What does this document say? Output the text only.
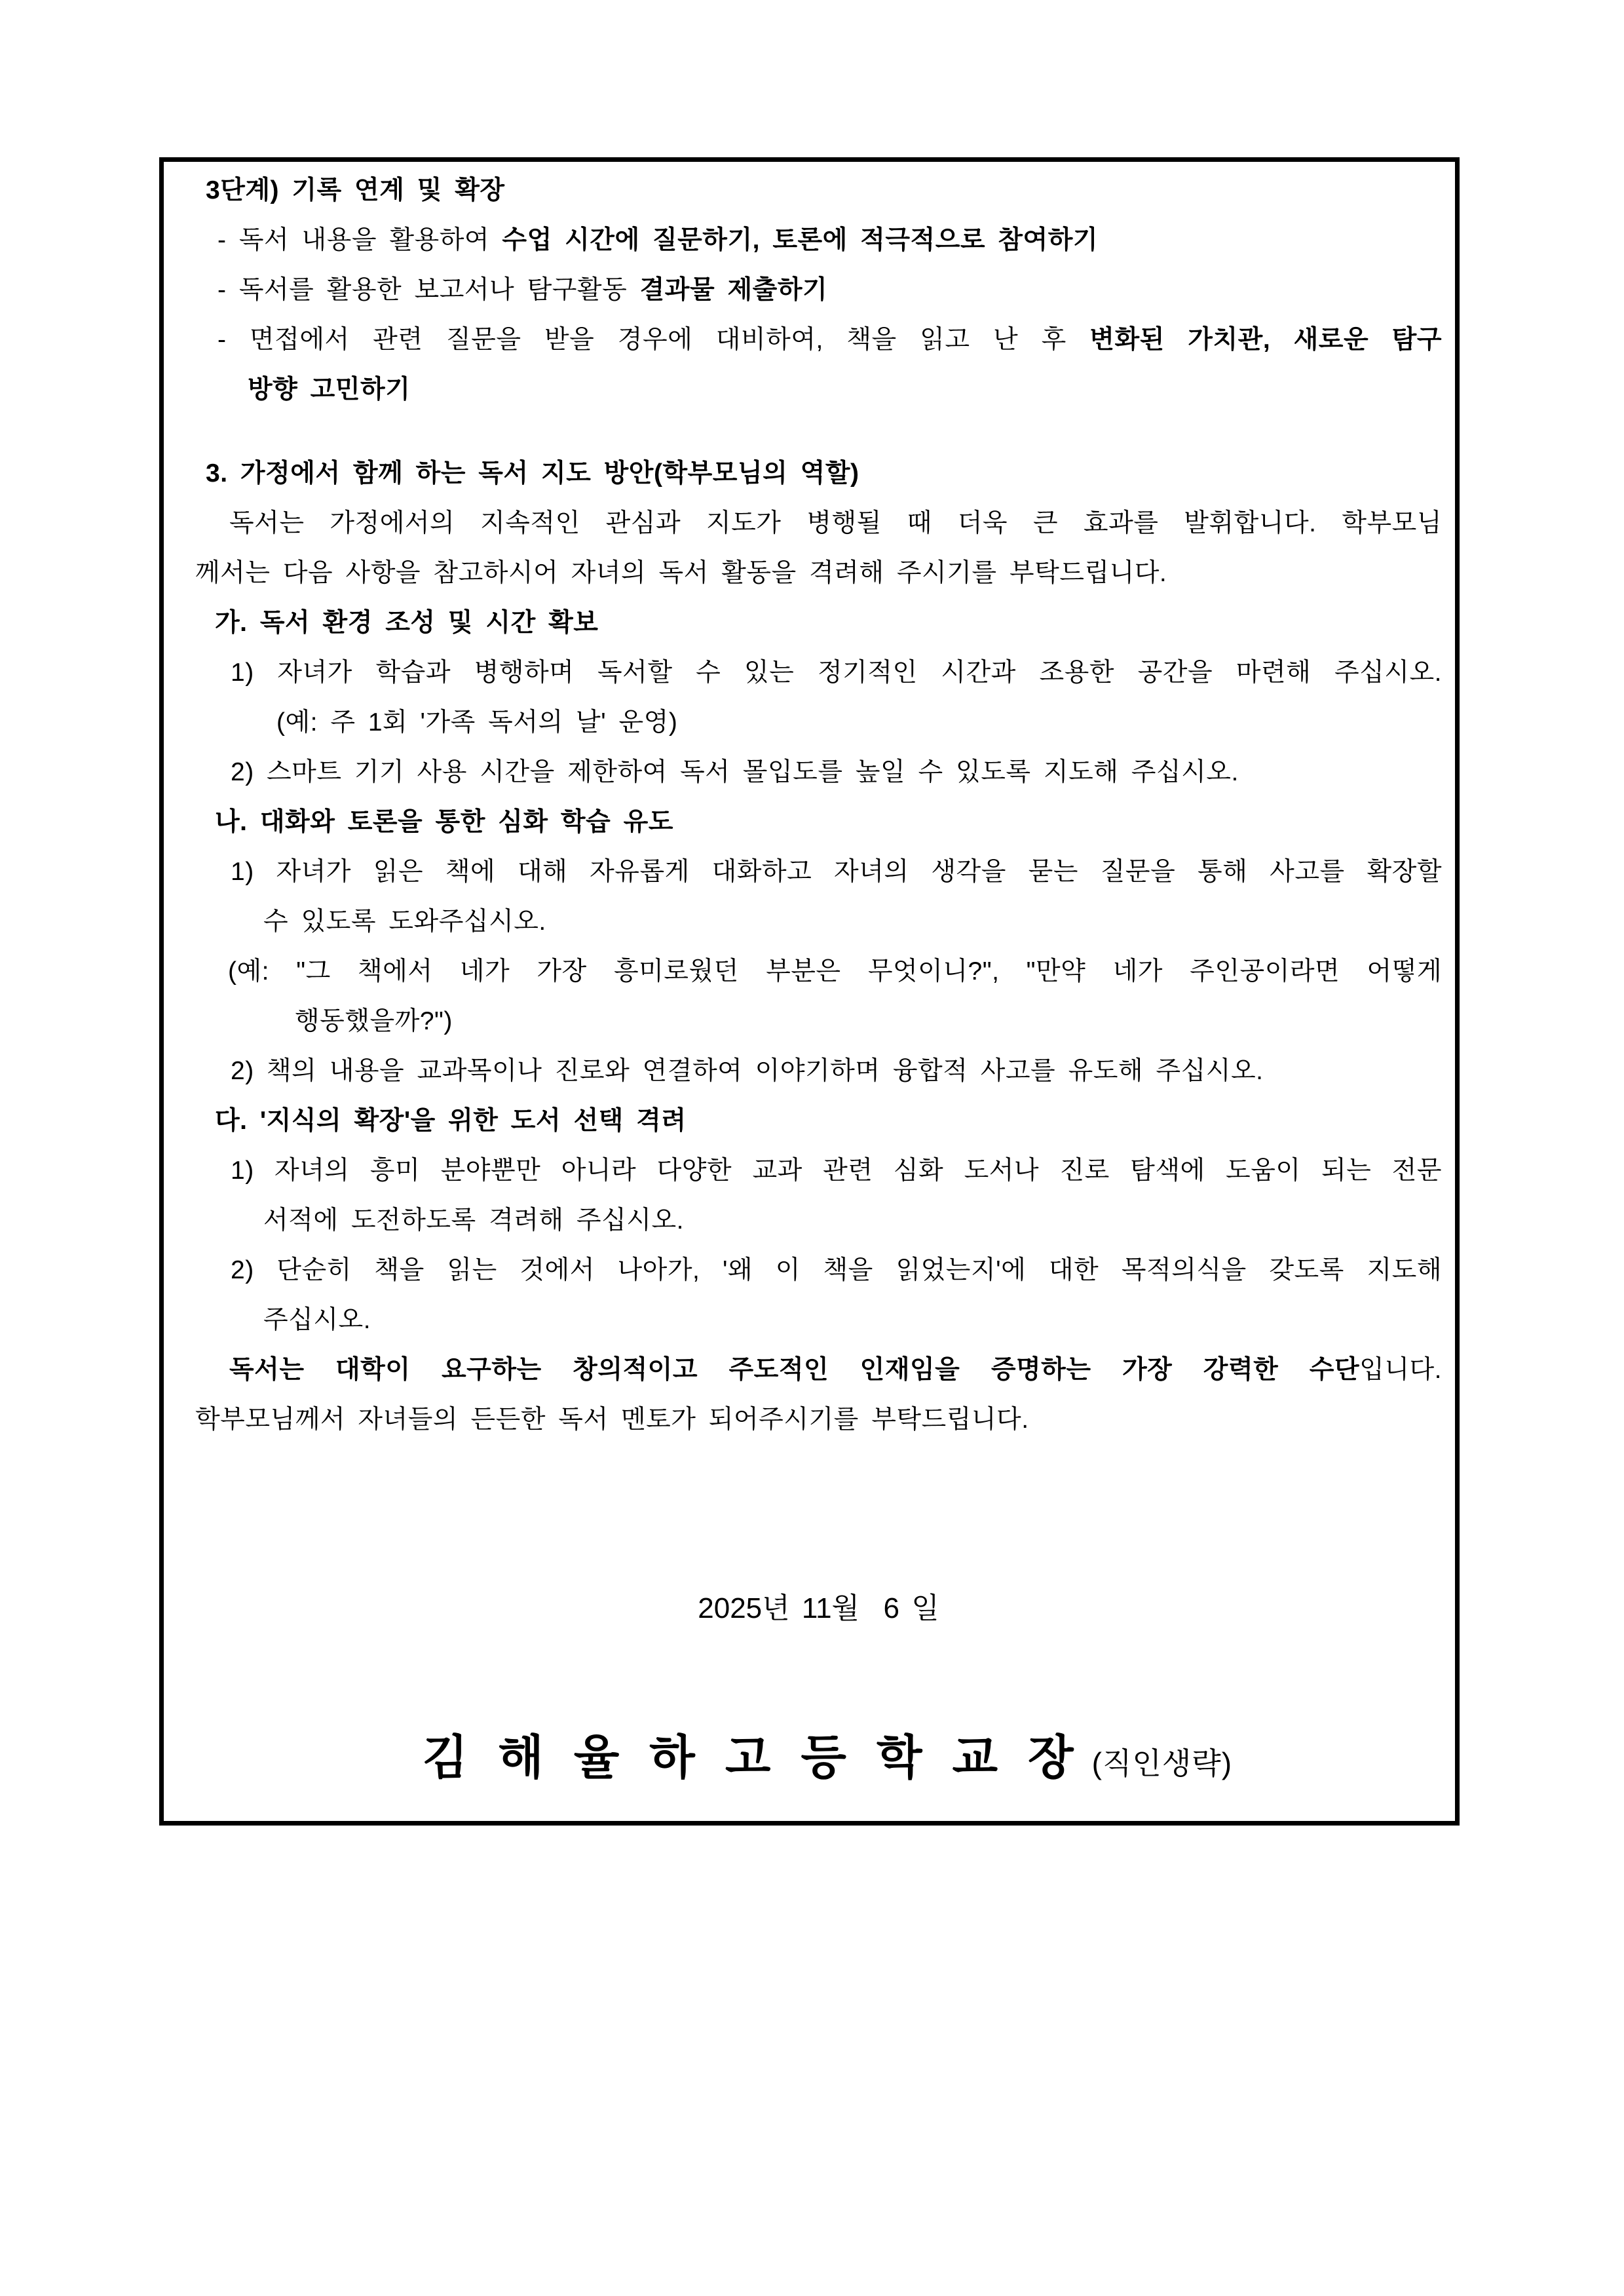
3단계) 기록 연계 및 확장
- 독서 내용을 활용하여 수업 시간에 질문하기, 토론에 적극적으로 참여하기
- 독서를 활용한 보고서나 탐구활동 결과물 제출하기
- 면접에서 관련 질문을 받을 경우에 대비하여, 책을 읽고 난 후 변화된 가치관, 새로운 탐구
방향 고민하기
3. 가정에서 함께 하는 독서 지도 방안(학부모님의 역할)
독서는 가정에서의 지속적인 관심과 지도가 병행될 때 더욱 큰 효과를 발휘합니다. 학부모님
께서는 다음 사항을 참고하시어 자녀의 독서 활동을 격려해 주시기를 부탁드립니다.
가. 독서 환경 조성 및 시간 확보
1) 자녀가 학습과 병행하며 독서할 수 있는 정기적인 시간과 조용한 공간을 마련해 주십시오.
(예: 주 1회 '가족 독서의 날' 운영)
2) 스마트 기기 사용 시간을 제한하여 독서 몰입도를 높일 수 있도록 지도해 주십시오.
나. 대화와 토론을 통한 심화 학습 유도
1) 자녀가 읽은 책에 대해 자유롭게 대화하고 자녀의 생각을 묻는 질문을 통해 사고를 확장할
수 있도록 도와주십시오.
(예: "그 책에서 네가 가장 흥미로웠던 부분은 무엇이니?", "만약 네가 주인공이라면 어떻게
행동했을까?")
2) 책의 내용을 교과목이나 진로와 연결하여 이야기하며 융합적 사고를 유도해 주십시오.
다. '지식의 확장'을 위한 도서 선택 격려
1) 자녀의 흥미 분야뿐만 아니라 다양한 교과 관련 심화 도서나 진로 탐색에 도움이 되는 전문
서적에 도전하도록 격려해 주십시오.
2) 단순히 책을 읽는 것에서 나아가, '왜 이 책을 읽었는지'에 대한 목적의식을 갖도록 지도해
주십시오.
독서는 대학이 요구하는 창의적이고 주도적인 인재임을 증명하는 가장 강력한 수단입니다.
학부모님께서 자녀들의 든든한 독서 멘토가 되어주시기를 부탁드립니다.
2025년 11월  6 일

김 해 율 하 고 등 학 교 장 (직인생략)
